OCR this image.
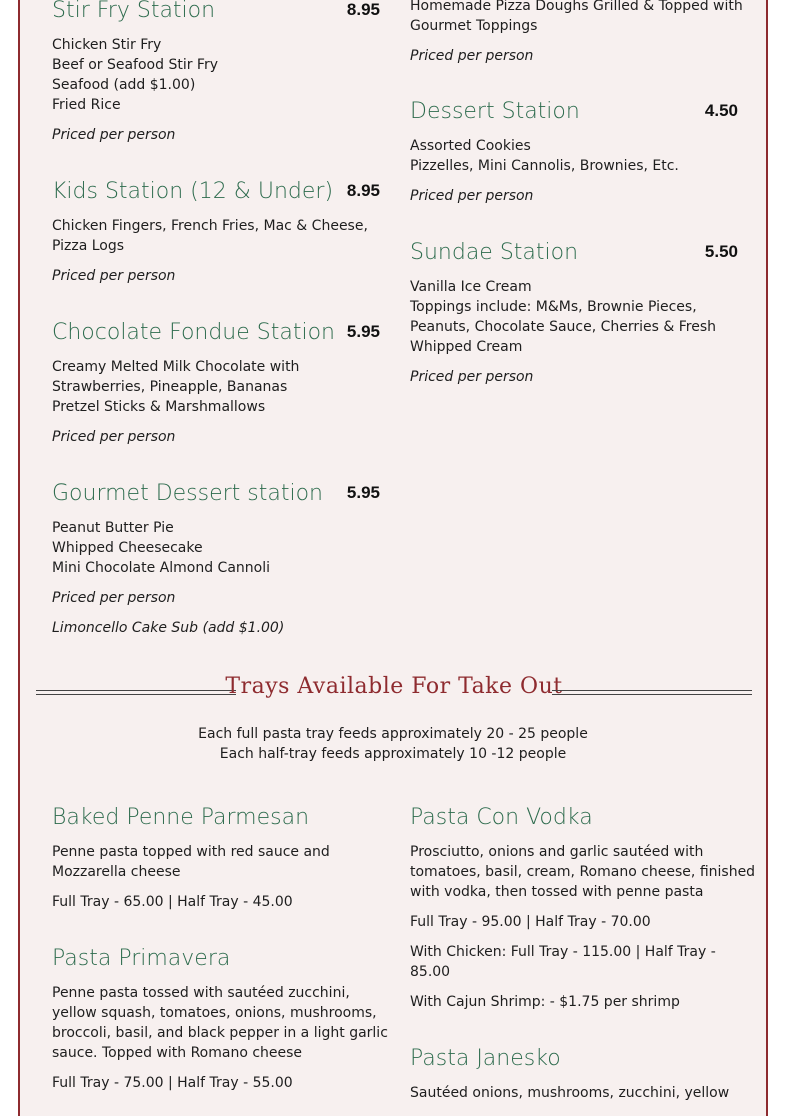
Stir Fry Station	8.95
Chicken Stir Fry
Beef or Seafood Stir Fry
Seafood (add $1.00)
Fried Rice
Priced per person
Kids Station (12 & Under) 8.95
Chicken Fingers, French Fries, Mac & Cheese,
Pizza Logs
Priced per person
Chocolate Fondue Station 5.95
Creamy Melted Milk Chocolate with
Strawberries, Pineapple, Bananas
Pretzel Sticks & Marshmallows
Priced per person
Gourmet Dessert station	5.95
Peanut Butter Pie
Whipped Cheesecake
Mini Chocolate Almond Cannoli
Priced per person
Limoncello Cake Sub (add $1.00)
Homemade Pizza Doughs Grilled & Topped with
Gourmet Toppings
Priced per person
Dessert Station	4.50
Assorted Cookies
Pizzelles, Mini Cannolis, Brownies, Etc.
Priced per person
Sundae Station	5.50
Vanilla Ice Cream
Toppings include: M&Ms, Brownie Pieces,
Peanuts, Chocolate Sauce, Cherries & Fresh
Whipped Cream
Priced per person
Trays Available For Take Out
Each full pasta tray feeds approximately 20 - 25 people
Each half-tray feeds approximately 10 -12 people
Baked Penne Parmesan
Penne pasta topped with red sauce and
Mozzarella cheese
Full Tray - 65.00 | Half Tray - 45.00
Pasta Primavera
Penne pasta tossed with sautéed zucchini,
yellow squash, tomatoes, onions, mushrooms,
broccoli, basil, and black pepper in a light garlic
sauce. Topped with Romano cheese
Full Tray - 75.00 | Half Tray - 55.00
Pasta Con Vodka
Prosciutto, onions and garlic sautéed with
tomatoes, basil, cream, Romano cheese, finished
with vodka, then tossed with penne pasta
Full Tray - 95.00 | Half Tray - 70.00
With Chicken: Full Tray - 115.00 | Half Tray -
85.00
With Cajun Shrimp: - $1.75 per shrimp
Pasta Janesko
Sautéed onions, mushrooms, zucchini, yellow
